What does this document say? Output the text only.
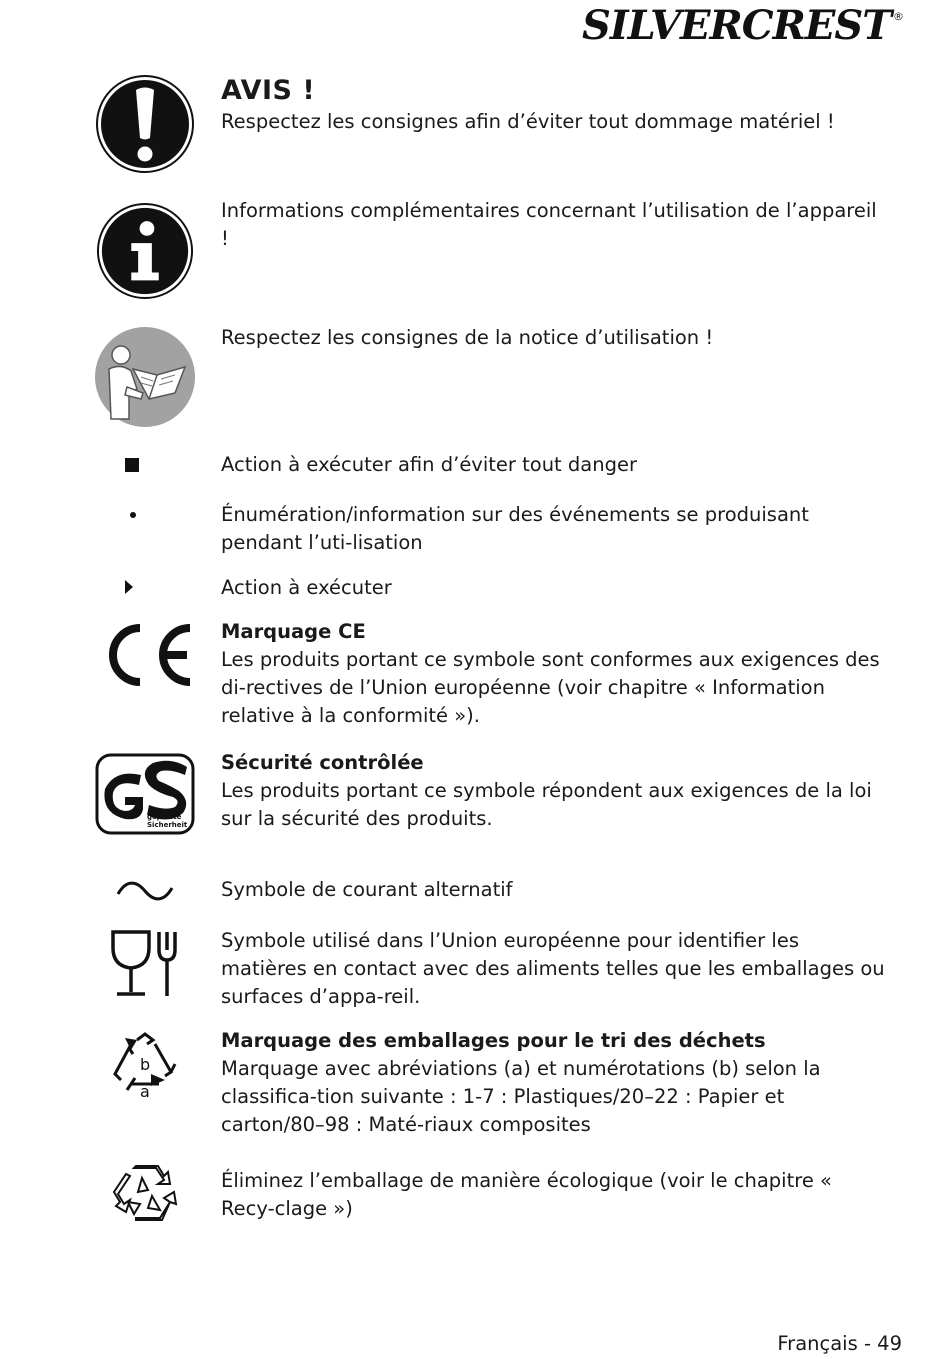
SILVERCREST ®
AVIS !
Respectez les consignes afin d’éviter tout dommage matériel !
Informations complémentaires concernant l’utilisation de l’appareil !
Respectez les consignes de la notice d’utilisation !
Action à exécuter afin d’éviter tout danger
Énumération/information sur des événements se produisant pendant l’uti-lisation
Action à exécuter
Marquage CE
Les produits portant ce symbole sont conformes aux exigences des di-rectives de l’Union européenne (voir chapitre « Information relative à la conformité »).
geprüfte
Sicherheit
Sécurité contrôlée
Les produits portant ce symbole répondent aux exigences de la loi sur la sécurité des produits.
Symbole de courant alternatif
Symbole utilisé dans l’Union européenne pour identifier les matières en contact avec des aliments telles que les emballages ou surfaces d’appa-reil.
b
a
Marquage des emballages pour le tri des déchets
Marquage avec abréviations (a) et numérotations (b) selon la classifica-tion suivante : 1-7 : Plastiques/20–22 : Papier et carton/80–98 : Maté-riaux composites
Éliminez l’emballage de manière écologique (voir le chapitre « Recy-clage »)
Français - 49
